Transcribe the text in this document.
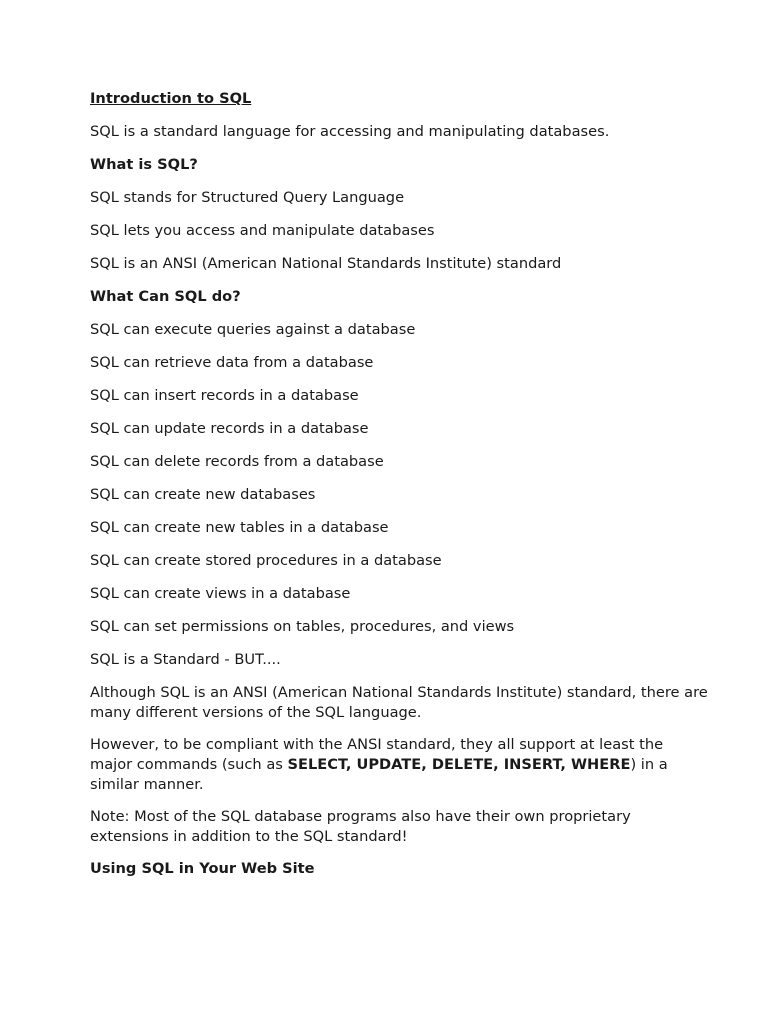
Introduction to SQL

SQL is a standard language for accessing and manipulating databases.

What is SQL?

SQL stands for Structured Query Language

SQL lets you access and manipulate databases

SQL is an ANSI (American National Standards Institute) standard

What Can SQL do?

SQL can execute queries against a database

SQL can retrieve data from a database

SQL can insert records in a database

SQL can update records in a database

SQL can delete records from a database

SQL can create new databases

SQL can create new tables in a database

SQL can create stored procedures in a database

SQL can create views in a database

SQL can set permissions on tables, procedures, and views

SQL is a Standard - BUT....

Although SQL is an ANSI (American National Standards Institute) standard, there are many different versions of the SQL language.

However, to be compliant with the ANSI standard, they all support at least the major commands (such as SELECT, UPDATE, DELETE, INSERT, WHERE) in a similar manner.

Note: Most of the SQL database programs also have their own proprietary extensions in addition to the SQL standard!

Using SQL in Your Web Site
